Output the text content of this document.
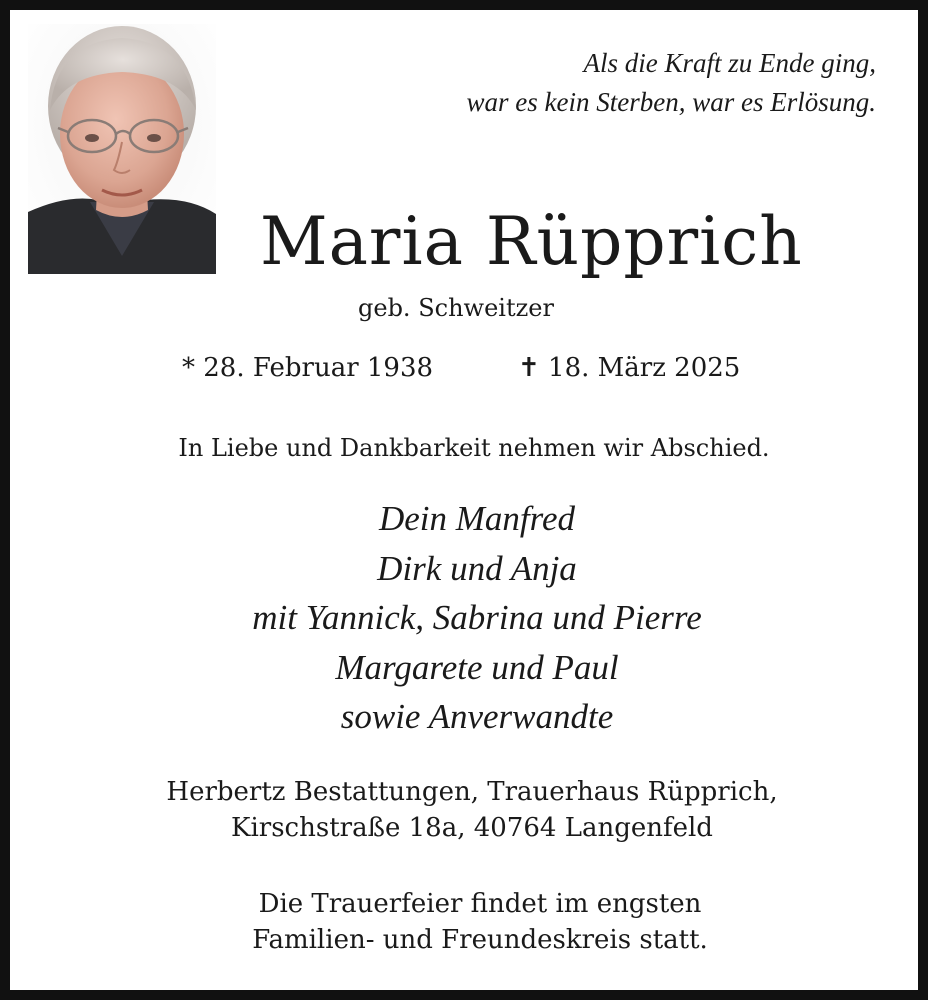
Als die Kraft zu Ende ging,
war es kein Sterben, war es Erlösung.
Maria Rüpprich
geb. Schweitzer
* 28. Februar 1938	✝ 18. März 2025
In Liebe und Dankbarkeit nehmen wir Abschied.
Dein Manfred
Dirk und Anja
mit Yannick, Sabrina und Pierre
Margarete und Paul
sowie Anverwandte
Herbertz Bestattungen, Trauerhaus Rüpprich,
Kirschstraße 18a, 40764 Langenfeld
Die Trauerfeier findet im engsten
Familien- und Freundeskreis statt.
